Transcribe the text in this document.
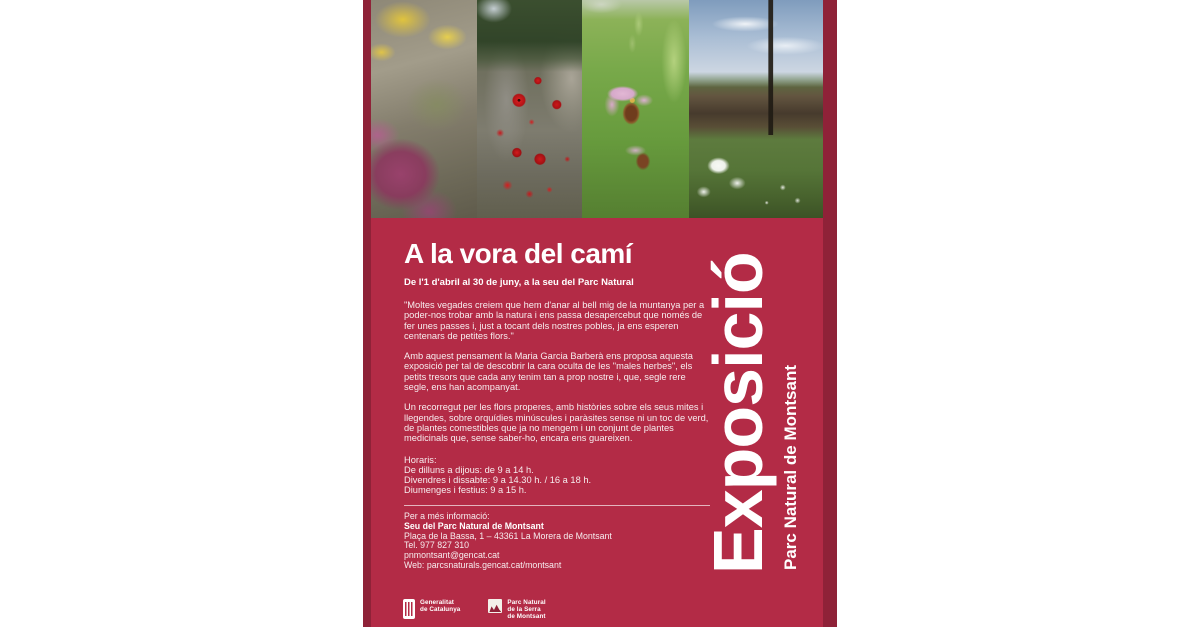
A la vora del camí
De l'1 d'abril al 30 de juny, a la seu del Parc Natural

"Moltes vegades creiem que hem d'anar al bell mig de la muntanya per a poder-nos trobar amb la natura i ens passa desapercebut que només de fer unes passes i, just a tocant dels nostres pobles, ja ens esperen centenars de petites flors."

Amb aquest pensament la Maria Garcia Barberà ens proposa aquesta exposició per tal de descobrir la cara oculta de les "males herbes", els petits tresors que cada any tenim tan a prop nostre i, que, segle rere segle, ens han acompanyat.

Un recorregut per les flors properes, amb històries sobre els seus mites i llegendes, sobre orquídies minúscules i paràsites sense ni un toc de verd, de plantes comestibles que ja no mengem i un conjunt de plantes medicinals que, sense saber-ho, encara ens guareixen.

Horaris:
De dilluns a dijous: de 9 a 14 h.
Divendres i dissabte: 9 a 14.30 h. / 16 a 18 h.
Diumenges i festius: 9 a 15 h.
Per a més informació:
Seu del Parc Natural de Montsant
Plaça de la Bassa, 1 – 43361 La Morera de Montsant
Tel. 977 827 310
pnmontsant@gencat.cat
Web: parcsnaturals.gencat.cat/montsant
Generalitat
de Catalunya
Parc Natural
de la Serra
de Montsant
Exposició Parc Natural de Montsant
